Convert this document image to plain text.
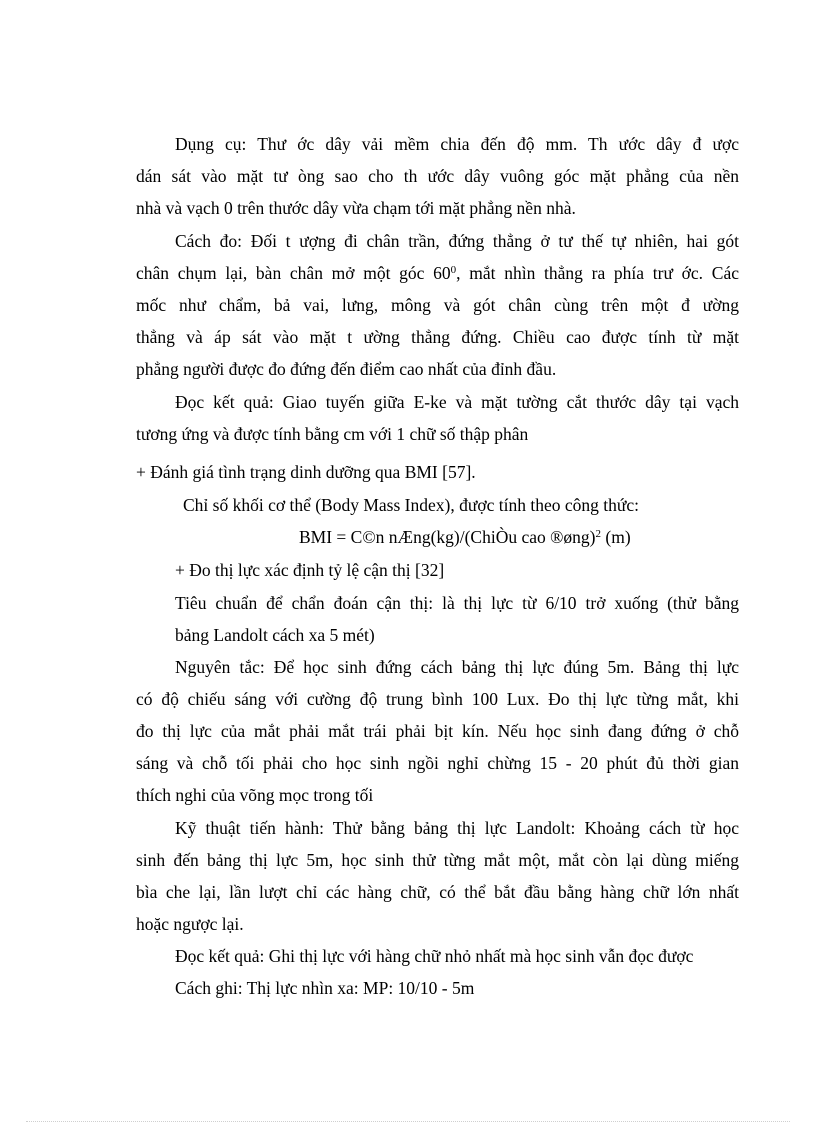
Dụng cụ: Thư ớc dây vải mềm chia đến độ mm. Th ước dây đ ược
dán sát vào mặt tư òng sao cho th ước dây vuông góc mặt phẳng của nền
nhà và vạch 0 trên thước dây vừa chạm tới mặt phẳng nền nhà.
Cách đo: Đối t ượng đi chân trần, đứng thẳng ở tư thế tự nhiên, hai gót
chân chụm lại, bàn chân mở một góc $60^0$, mắt nhìn thẳng ra phía trư ớc. Các
mốc như chẩm, bả vai, lưng, mông và gót chân cùng trên một đ ường
thẳng và áp sát vào mặt t ường thẳng đứng. Chiều cao được tính từ mặt
phẳng người được đo đứng đến điểm cao nhất của đỉnh đầu.
Đọc kết quả: Giao tuyến giữa E-ke và mặt tường cắt thước dây tại vạch
tương ứng và được tính bằng cm với 1 chữ số thập phân
+ Đánh giá tình trạng dinh dưỡng qua BMI [57].
Chỉ số khối cơ thể (Body Mass Index), được tính theo công thức:
BMI = C©n nÆng(kg)/(ChiÒu cao ®øng)$^2$ (m)
+ Đo thị lực xác định tỷ lệ cận thị [32]
Tiêu chuẩn để chẩn đoán cận thị: là thị lực từ 6/10 trở xuống (thử bằng
bảng Landolt cách xa 5 mét)
Nguyên tắc: Để học sinh đứng cách bảng thị lực đúng 5m. Bảng thị lực
có độ chiếu sáng với cường độ trung bình 100 Lux. Đo thị lực từng mắt, khi
đo thị lực của mắt phải mắt trái phải bịt kín. Nếu học sinh đang đứng ở chỗ
sáng và chỗ tối phải cho học sinh ngồi nghỉ chừng 15 - 20 phút đủ thời gian
thích nghi của võng mọc trong tối
Kỹ thuật tiến hành: Thử bằng bảng thị lực Landolt: Khoảng cách từ học
sinh đến bảng thị lực 5m, học sinh thử từng mắt một, mắt còn lại dùng miếng
bìa che lại, lần lượt chỉ các hàng chữ, có thể bắt đầu bằng hàng chữ lớn nhất
hoặc ngược lại.
Đọc kết quả: Ghi thị lực với hàng chữ nhỏ nhất mà học sinh vẫn đọc được
Cách ghi: Thị lực nhìn xa: MP: 10/10 - 5m
